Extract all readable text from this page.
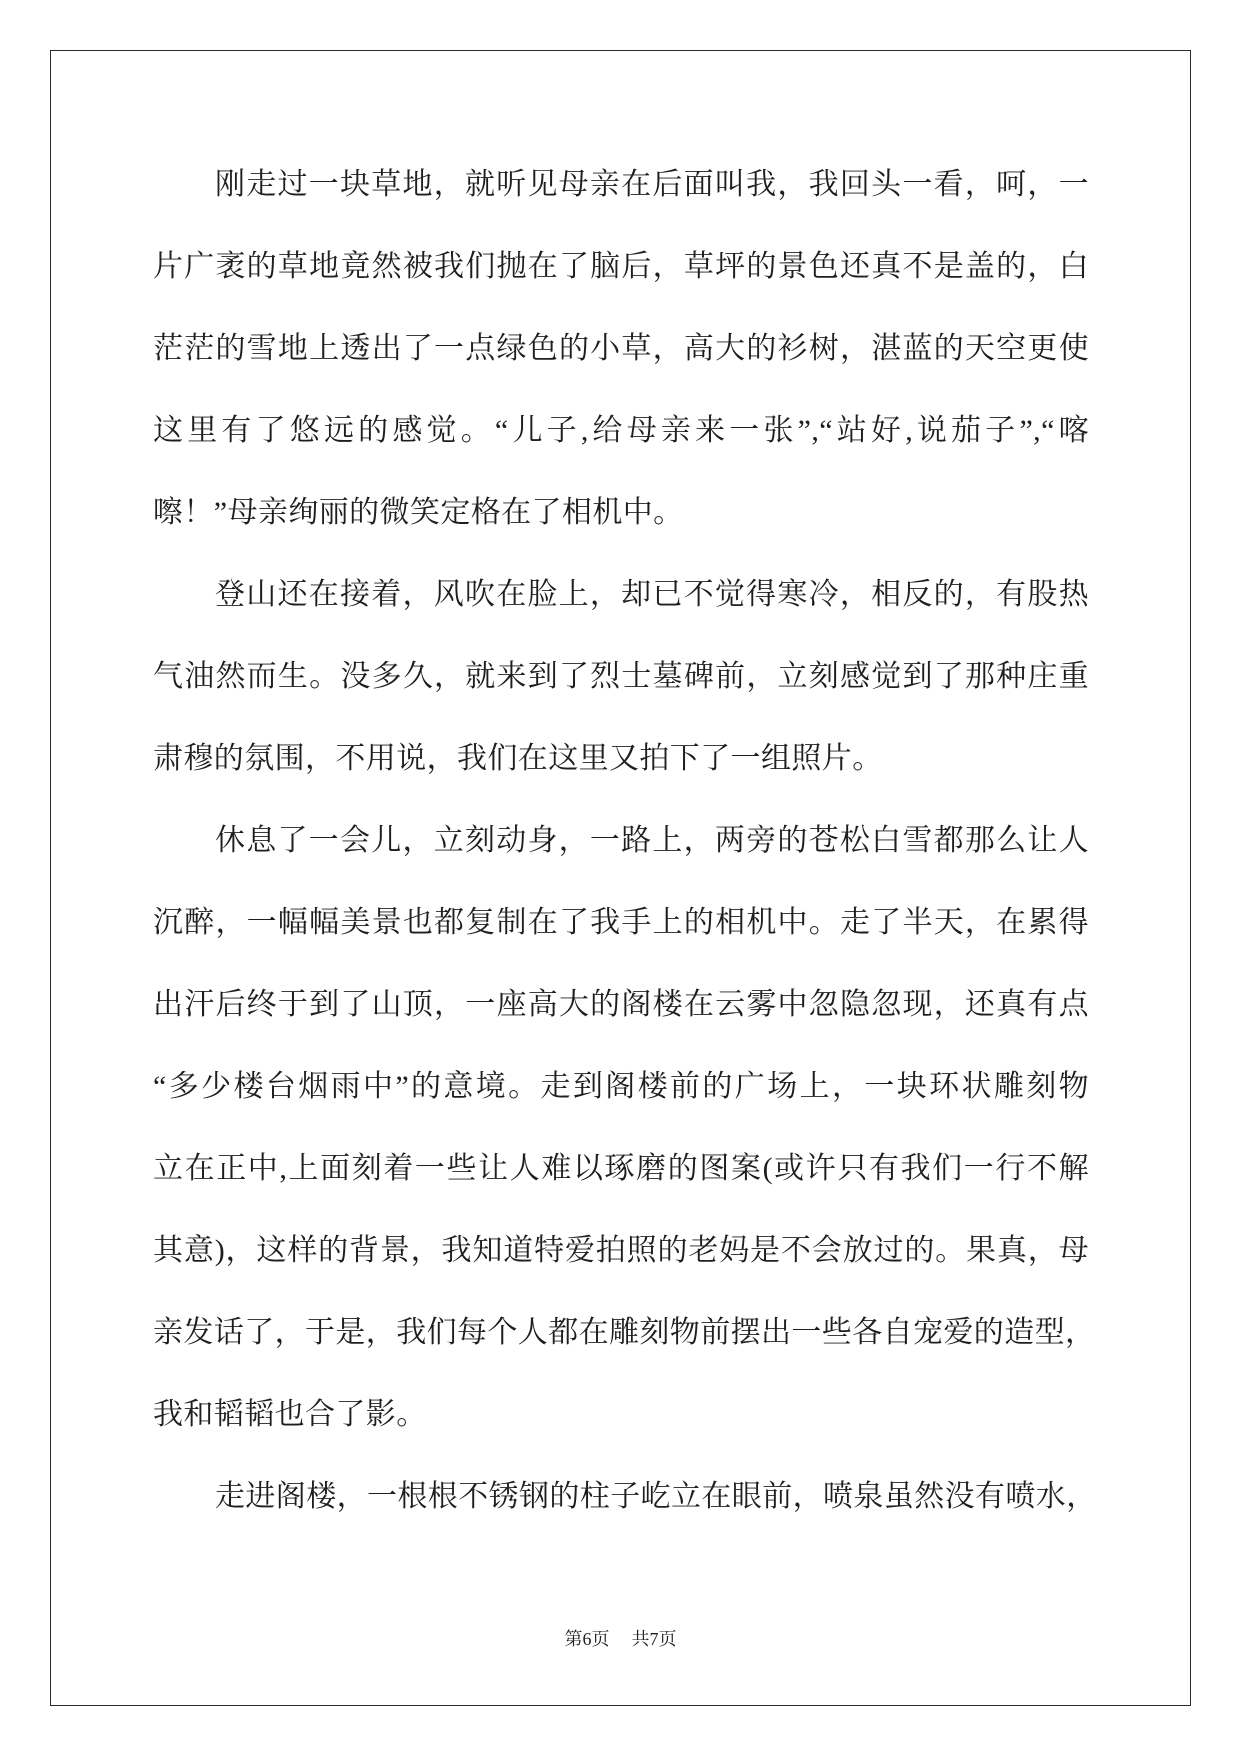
刚走过一块草地，就听见母亲在后面叫我，我回头一看，呵，一
片广袤的草地竟然被我们抛在了脑后，草坪的景色还真不是盖的，白
茫茫的雪地上透出了一点绿色的小草，高大的衫树，湛蓝的天空更使
这里有了悠远的感觉。“儿子,给母亲来一张”,“站好,说茄子”,“喀
嚓！”母亲绚丽的微笑定格在了相机中。
登山还在接着，风吹在脸上，却已不觉得寒冷，相反的，有股热
气油然而生。没多久，就来到了烈士墓碑前，立刻感觉到了那种庄重
肃穆的氛围，不用说，我们在这里又拍下了一组照片。
休息了一会儿，立刻动身，一路上，两旁的苍松白雪都那么让人
沉醉，一幅幅美景也都复制在了我手上的相机中。走了半天，在累得
出汗后终于到了山顶，一座高大的阁楼在云雾中忽隐忽现，还真有点
“多少楼台烟雨中”的意境。走到阁楼前的广场上，一块环状雕刻物
立在正中,上面刻着一些让人难以琢磨的图案(或许只有我们一行不解
其意)，这样的背景，我知道特爱拍照的老妈是不会放过的。果真，母
亲发话了，于是，我们每个人都在雕刻物前摆出一些各自宠爱的造型，
我和韬韬也合了影。
走进阁楼，一根根不锈钢的柱子屹立在眼前，喷泉虽然没有喷水，
第6页 共7页
